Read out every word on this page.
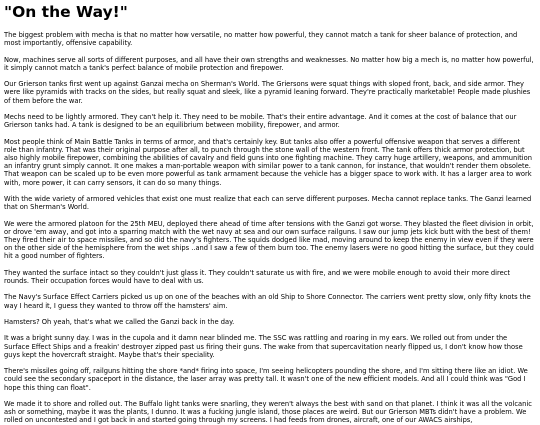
"On the Way!"

The biggest problem with mecha is that no matter how versatile, no matter how powerful, they cannot match a tank for sheer balance of protection, and most importantly, offensive capability.

Now, machines serve all sorts of different purposes, and all have their own strengths and weaknesses. No matter how big a mech is, no matter how powerful, it simply cannot match a tank's perfect balance of mobile protection and firepower.

Our Grierson tanks first went up against Ganzai mecha on Sherman's World. The Griersons were squat things with sloped front, back, and side armor. They were like pyramids with tracks on the sides, but really squat and sleek, like a pyramid leaning forward. They're practically marketable! People made plushies of them before the war.

Mechs need to be lightly armored. They can't help it. They need to be mobile. That's their entire advantage. And it comes at the cost of balance that our Grierson tanks had. A tank is designed to be an equilibrium between mobility, firepower, and armor.

Most people think of Main Battle Tanks in terms of armor, and that's certainly key. But tanks also offer a powerful offensive weapon that serves a different role than infantry. That was their original purpose after all, to punch through the stone wall of the western front. The tank offers thick armor protection, but also highly mobile firepower, combining the abilities of cavalry and field guns into one fighting machine. They carry huge artillery, weapons, and ammunition an infantry grunt simply cannot. It one makes a man-portable weapon with similar power to a tank cannon, for instance, that wouldn't render them obsolete. That weapon can be scaled up to be even more powerful as tank armament because the vehicle has a bigger space to work with. It has a larger area to work with, more power, it can carry sensors, it can do so many things.

With the wide variety of armored vehicles that exist one must realize that each can serve different purposes. Mecha cannot replace tanks. The Ganzi learned that on Sherman's World.

We were the armored platoon for the 25th MEU, deployed there ahead of time after tensions with the Ganzi got worse. They blasted the fleet division in orbit, or drove 'em away, and got into a sparring match with the wet navy at sea and our own surface railguns. I saw our jump jets kick butt with the best of them! They fired their air to space missiles, and so did the navy's fighters. The squids dodged like mad, moving around to keep the enemy in view even if they were on the other side of the hemisphere from the wet ships ..and I saw a few of them burn too. The enemy lasers were no good hitting the surface, but they could hit a good number of fighters.

They wanted the surface intact so they couldn't just glass it. They couldn't saturate us with fire, and we were mobile enough to avoid their more direct rounds. Their occupation forces would have to deal with us.

The Navy's Surface Effect Carriers picked us up on one of the beaches with an old Ship to Shore Connector. The carriers went pretty slow, only fifty knots the way I heard it, I guess they wanted to throw off the hamsters' aim.

Hamsters? Oh yeah, that's what we called the Ganzi back in the day.

It was a bright sunny day. I was in the cupola and it damn near blinded me. The SSC was rattling and roaring in my ears. We rolled out from under the Surface Effect Ships and a freakin' destroyer zipped past us firing their guns. The wake from that supercavitation nearly flipped us, I don't know how those guys kept the hovercraft straight. Maybe that's their speciality.

There's missiles going off, railguns hitting the shore *and* firing into space, I'm seeing helicopters pounding the shore, and I'm sitting there like an idiot. We could see the secondary spaceport in the distance, the laser array was pretty tall. It wasn't one of the new efficient models. And all I could think was "God I hope this thing can float".

We made it to shore and rolled out. The Buffalo light tanks were snarling, they weren't always the best with sand on that planet. I think it was all the volcanic ash or something, maybe it was the plants, I dunno. It was a fucking jungle island, those places are weird. But our Grierson MBTs didn't have a problem. We rolled on uncontested and I got back in and started going through my screens. I had feeds from drones, aircraft, one of our AWACS airships,
